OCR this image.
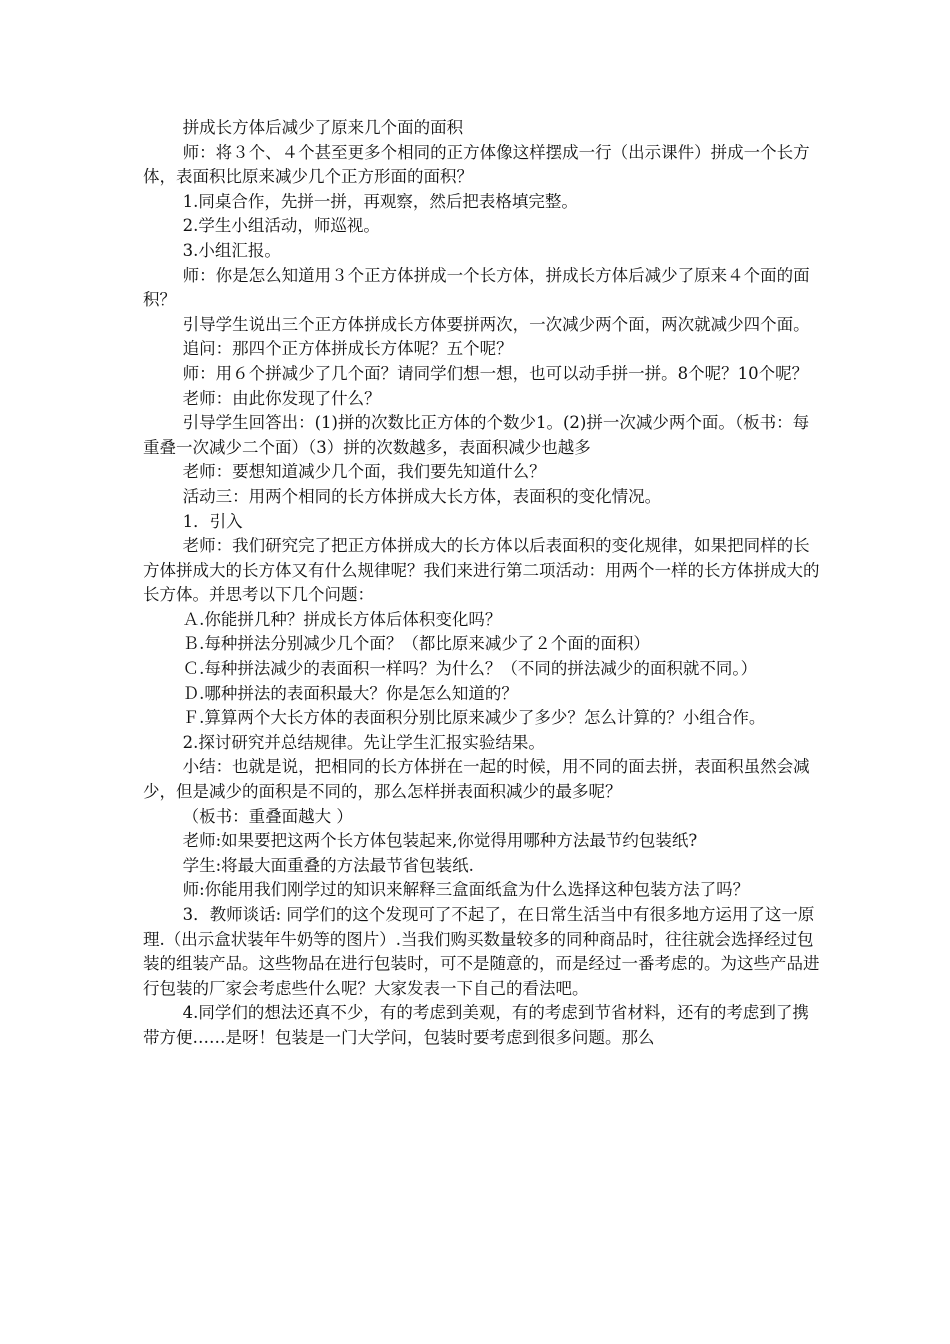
拼成长方体后减少了原来几个面的面积

师：将３个、４个甚至更多个相同的正方体像这样摆成一行（出示课件）拼成一个长方体，表面积比原来减少几个正方形面的面积？

1.同桌合作，先拼一拼，再观察，然后把表格填完整。

2.学生小组活动，师巡视。

3.小组汇报。

师：你是怎么知道用３个正方体拼成一个长方体，拼成长方体后减少了原来４个面的面积？

引导学生说出三个正方体拼成长方体要拼两次，一次减少两个面，两次就减少四个面。

追问：那四个正方体拼成长方体呢？五个呢？

师：用６个拼减少了几个面？请同学们想一想，也可以动手拼一拼。8个呢？10个呢？

老师：由此你发现了什么？

引导学生回答出：(1)拼的次数比正方体的个数少1。(2)拼一次减少两个面。（板书：每重叠一次减少二个面）（3）拼的次数越多，表面积减少也越多

老师：要想知道减少几个面，我们要先知道什么？

活动三：用两个相同的长方体拼成大长方体，表面积的变化情况。

1．引入

老师：我们研究完了把正方体拼成大的长方体以后表面积的变化规律，如果把同样的长方体拼成大的长方体又有什么规律呢？我们来进行第二项活动：用两个一样的长方体拼成大的长方体。并思考以下几个问题：

Ａ.你能拼几种？拼成长方体后体积变化吗？

Ｂ.每种拼法分别减少几个面？（都比原来减少了２个面的面积）

Ｃ.每种拼法减少的表面积一样吗？为什么？（不同的拼法减少的面积就不同。）

Ｄ.哪种拼法的表面积最大？你是怎么知道的？

Ｆ.算算两个大长方体的表面积分别比原来减少了多少？怎么计算的？小组合作。

2.探讨研究并总结规律。先让学生汇报实验结果。

小结：也就是说，把相同的长方体拼在一起的时候，用不同的面去拼，表面积虽然会减少，但是减少的面积是不同的，那么怎样拼表面积减少的最多呢？

（板书：重叠面越大 ）

老师:如果要把这两个长方体包装起来,你觉得用哪种方法最节约包装纸?

学生:将最大面重叠的方法最节省包装纸.

师:你能用我们刚学过的知识来解释三盒面纸盒为什么选择这种包装方法了吗？

3．教师谈话: 同学们的这个发现可了不起了，在日常生活当中有很多地方运用了这一原理.（出示盒状装年牛奶等的图片）.当我们购买数量较多的同种商品时，往往就会选择经过包装的组装产品。这些物品在进行包装时，可不是随意的，而是经过一番考虑的。为这些产品进行包装的厂家会考虑些什么呢？大家发表一下自己的看法吧。

4.同学们的想法还真不少，有的考虑到美观，有的考虑到节省材料，还有的考虑到了携带方便……是呀！包装是一门大学问，包装时要考虑到很多问题。那么
